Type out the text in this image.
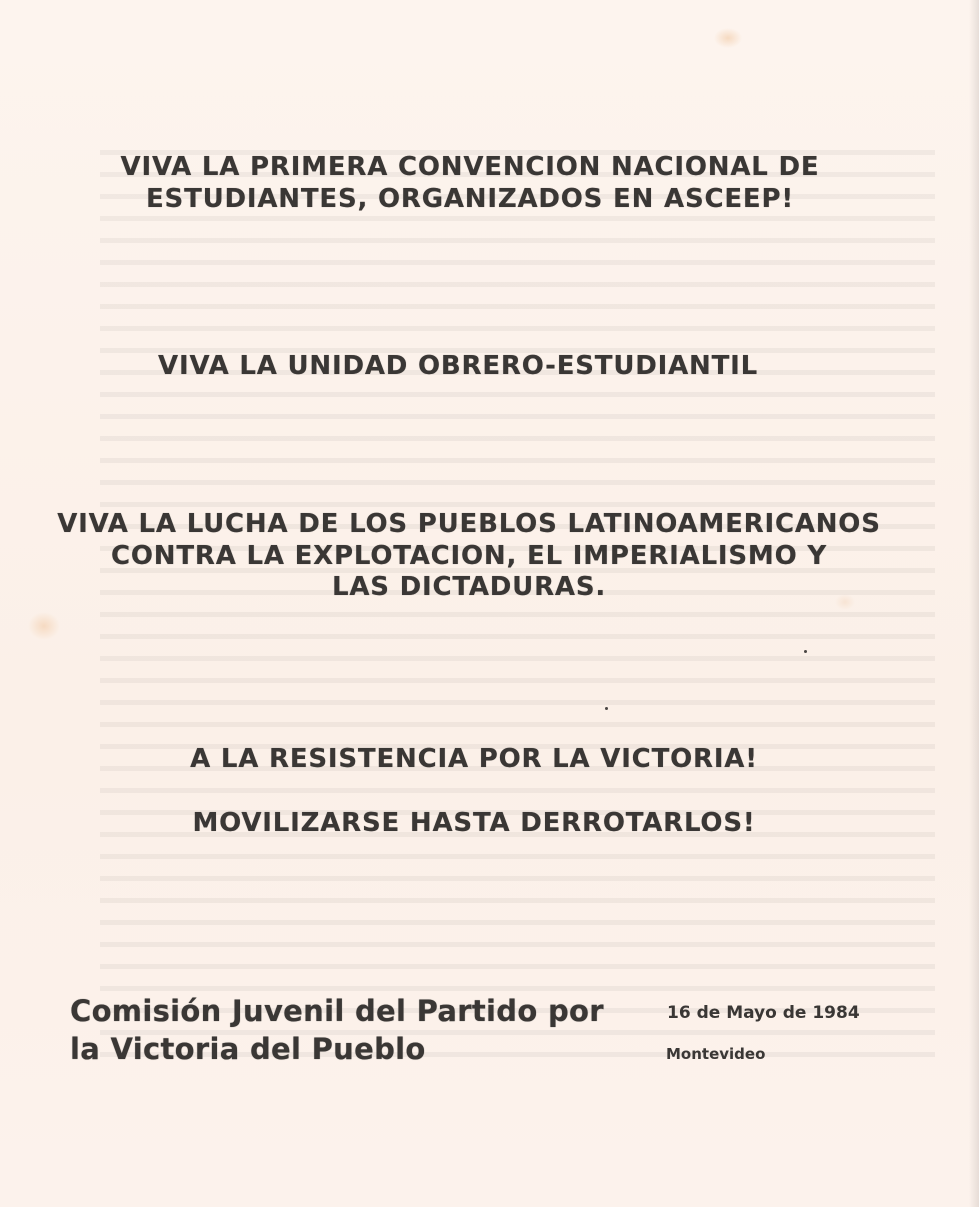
VIVA LA PRIMERA CONVENCION NACIONAL DE
ESTUDIANTES, ORGANIZADOS EN ASCEEP!
VIVA LA UNIDAD OBRERO-ESTUDIANTIL
VIVA LA LUCHA DE LOS PUEBLOS LATINOAMERICANOS
CONTRA LA EXPLOTACION, EL IMPERIALISMO Y
LAS DICTADURAS.
A LA RESISTENCIA POR LA VICTORIA!
MOVILIZARSE HASTA DERROTARLOS!
Comisión Juvenil del Partido por
la Victoria del Pueblo
16 de Mayo de 1984
Montevideo
